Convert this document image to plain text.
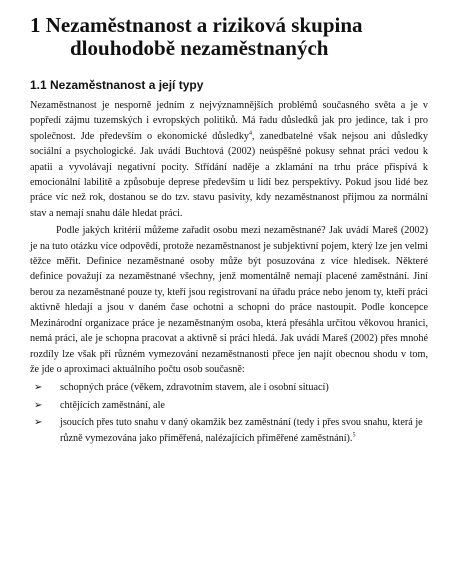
1 Nezaměstnanost a riziková skupina
dlouhodobě nezaměstnaných
1.1 Nezaměstnanost a její typy

Nezaměstnanost je nesporně jedním z nejvýznamnějších problémů současného světa a je v popředí zájmu tuzemských i evropských politiků. Má řadu důsledků jak pro jedince, tak i pro společnost. Jde především o ekonomické důsledky$^4$, zanedbatelné však nejsou ani důsledky sociální a psychologické. Jak uvádí Buchtová (2002) neúspěšné pokusy sehnat práci vedou k apatii a vyvolávají negativní pocity. Střídání naděje a zklamání na trhu práce přispívá k emocionální labilitě a způsobuje deprese především u lidí bez perspektivy. Pokud jsou lidé bez práce víc než rok, dostanou se do tzv. stavu pasivity, kdy nezaměstnanost přijmou za normální stav a nemají snahu dále hledat práci.

Podle jakých kritérií můžeme zařadit osobu mezi nezaměstnané? Jak uvádí Mareš (2002) je na tuto otázku více odpovědí, protože nezaměstnanost je subjektivní pojem, který lze jen velmi těžce měřit. Definice nezaměstnané osoby může být posuzována z více hledisek. Některé definice považují za nezaměstnané všechny, jenž momentálně nemají placené zaměstnání. Jiní berou za nezaměstnané pouze ty, kteří jsou registrovaní na úřadu práce nebo jenom ty, kteří práci aktivně hledají a jsou v daném čase ochotni a schopni do práce nastoupit. Podle koncepce Mezinárodní organizace práce je nezaměstnaným osoba, která přesáhla určitou věkovou hranici, nemá práci, ale je schopna pracovat a aktivně si práci hledá. Jak uvádí Mareš (2002) přes mnohé rozdíly lze však při různém vymezování nezaměstnanosti přece jen najít obecnou shodu v tom, že jde o aproximaci aktuálního počtu osob současně:

➢ schopných práce (věkem, zdravotním stavem, ale i osobní situací)
➢ chtějících zaměstnání, ale
➢ jsoucích přes tuto snahu v daný okamžik bez zaměstnání (tedy i přes svou snahu, která je různě vymezována jako přiměřená, nalézajících přiměřené zaměstnání).$^5$
